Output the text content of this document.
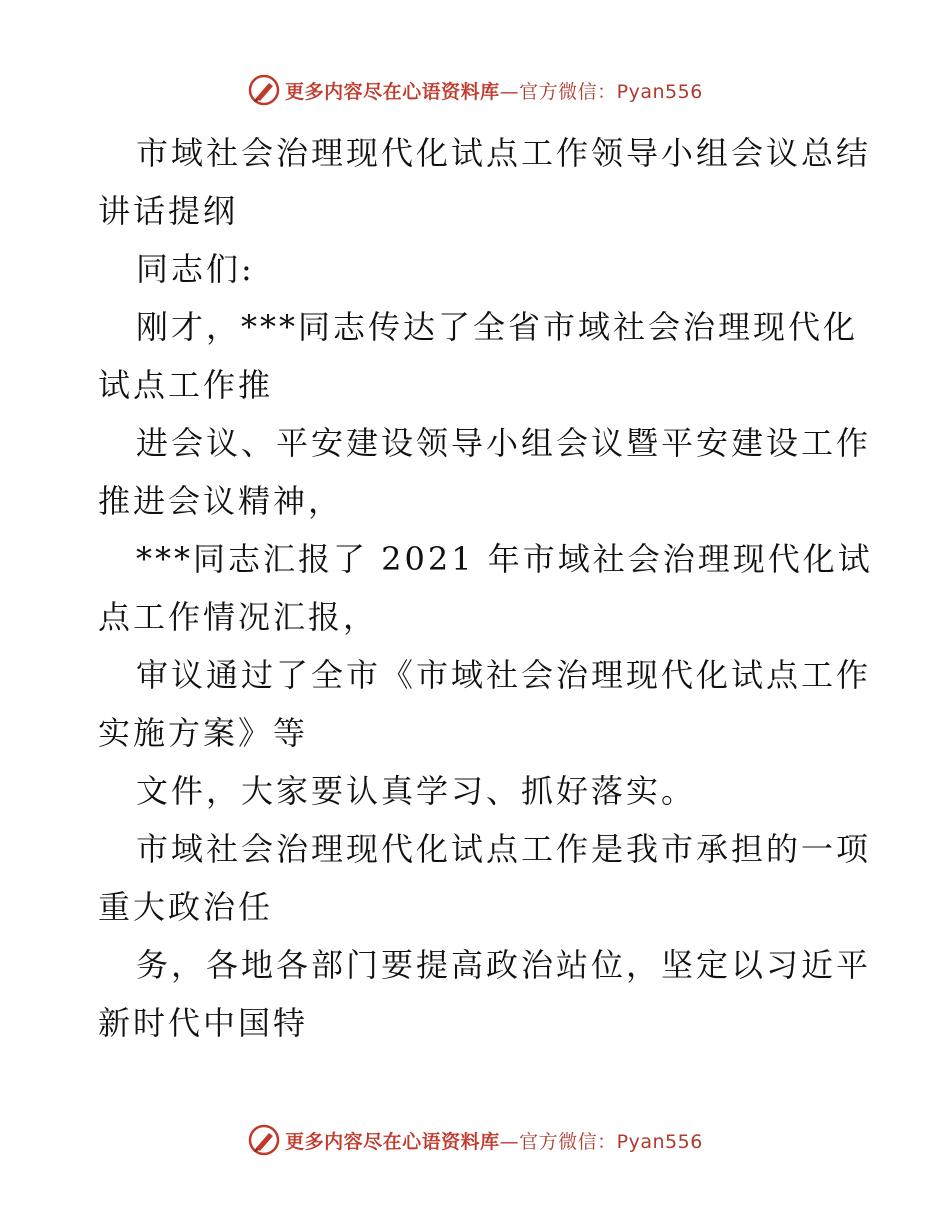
更多内容尽在心语资料库—官方微信：Pyan556
市域社会治理现代化试点工作领导小组会议总结
讲话提纲
同志们:
刚才，***同志传达了全省市域社会治理现代化
试点工作推
进会议、平安建设领导小组会议暨平安建设工作
推进会议精神，
***同志汇报了 2021 年市域社会治理现代化试
点工作情况汇报，
审议通过了全市《市域社会治理现代化试点工作
实施方案》等
文件，大家要认真学习、抓好落实。
市域社会治理现代化试点工作是我市承担的一项
重大政治任
务，各地各部门要提高政治站位，坚定以习近平
新时代中国特
更多内容尽在心语资料库—官方微信：Pyan556
